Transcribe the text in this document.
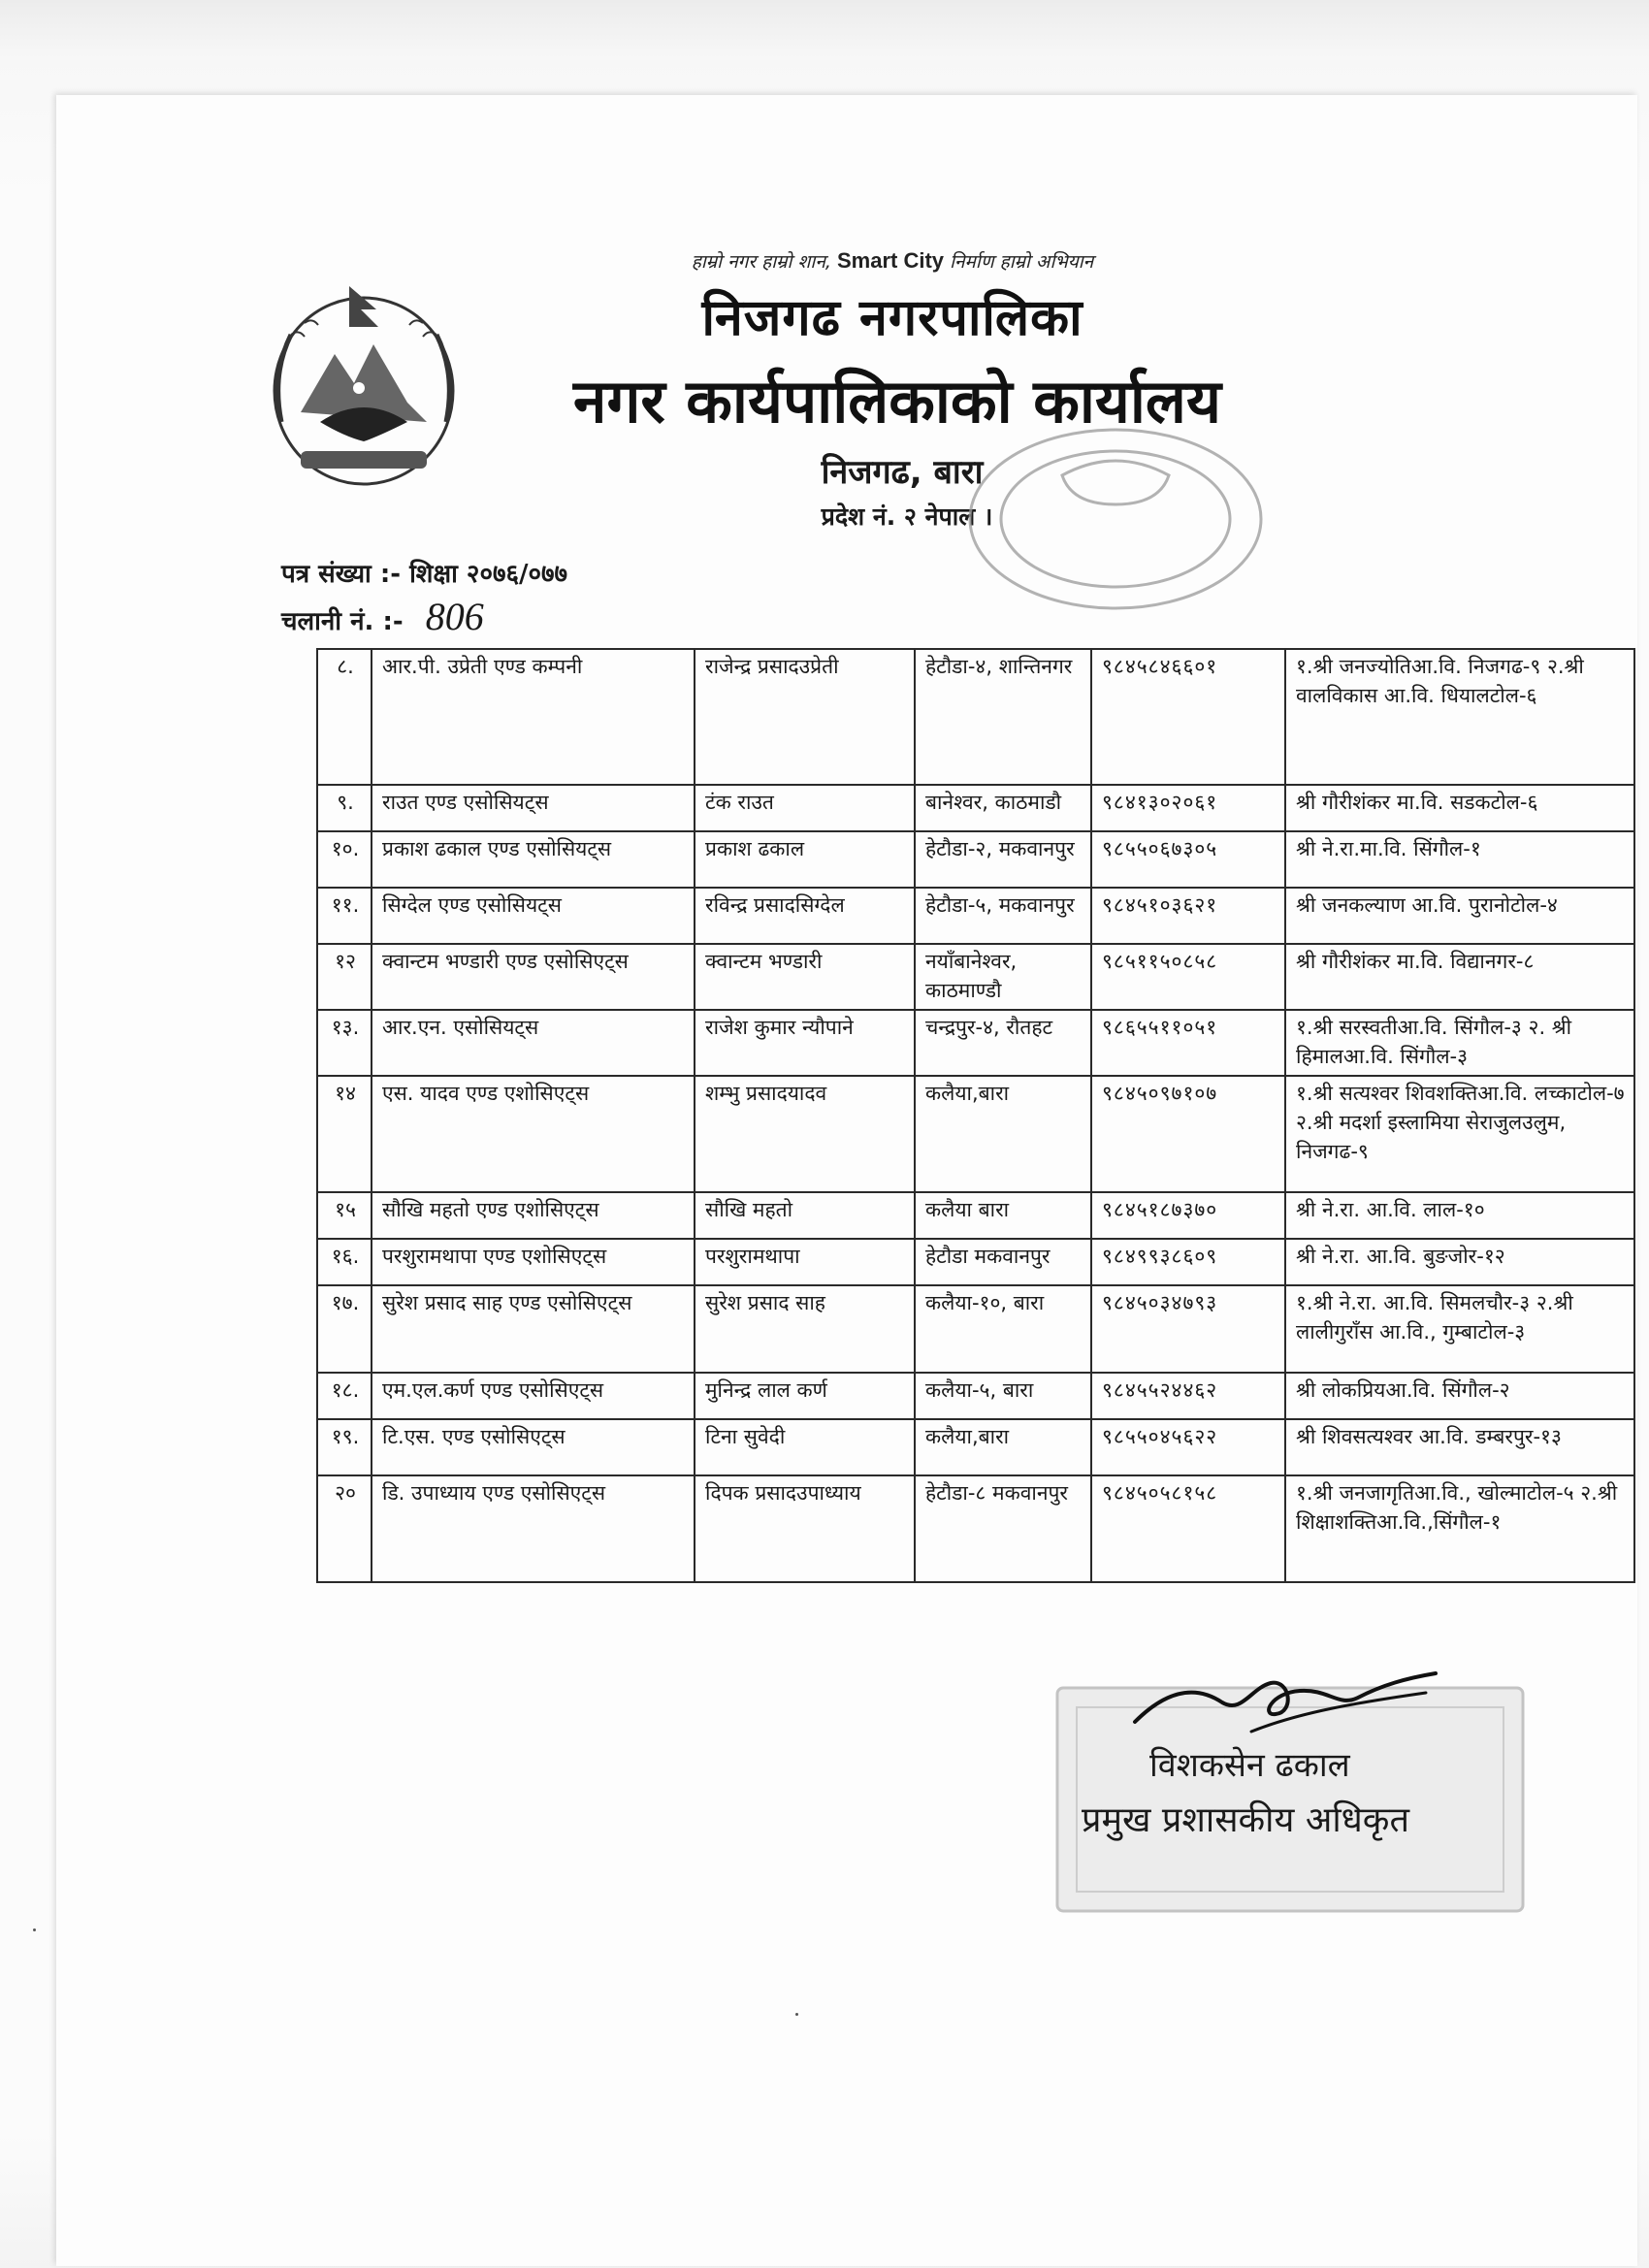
हाम्रो नगर हाम्रो शान, Smart City निर्माण हाम्रो अभियान
निजगढ नगरपालिका
नगर कार्यपालिकाको कार्यालय
निजगढ, बारा
प्रदेश नं. २ नेपाल ।
पत्र संख्या :- शिक्षा २०७६/०७७
चलानी नं. :- 806
८.	आर.पी. उप्रेती एण्ड कम्पनी	राजेन्द्र प्रसादउप्रेती	हेटौडा-४, शान्तिनगर	९८४५८४६६०१	१.श्री जनज्योतिआ.वि. निजगढ-९ २.श्री वालविकास आ.वि. धियालटोल-६
९.	राउत एण्ड एसोसियट्स	टंक राउत	बानेश्वर, काठमाडौ	९८४१३०२०६१	श्री गौरीशंकर मा.वि. सडकटोल-६
१०.	प्रकाश ढकाल एण्ड एसोसियट्स	प्रकाश ढकाल	हेटौडा-२, मकवानपुर	९८५५०६७३०५	श्री ने.रा.मा.वि. सिंगौल-१
११.	सिग्देल एण्ड एसोसियट्स	रविन्द्र प्रसादसिग्देल	हेटौडा-५, मकवानपुर	९८४५१०३६२१	श्री जनकल्याण आ.वि. पुरानोटोल-४
१२	क्वान्टम भण्डारी एण्ड एसोसिएट्स	क्वान्टम भण्डारी	नयाँबानेश्वर, काठमाण्डौ	९८५११५०८५८	श्री गौरीशंकर मा.वि. विद्यानगर-८
१३.	आर.एन. एसोसियट्स	राजेश कुमार न्यौपाने	चन्द्रपुर-४, रौतहट	९८६५५११०५१	१.श्री सरस्वतीआ.वि. सिंगौल-३ २. श्री हिमालआ.वि. सिंगौल-३
१४	एस. यादव एण्ड एशोसिएट्स	शम्भु प्रसादयादव	कलैया,बारा	९८४५०९७१०७	१.श्री सत्यश्वर शिवशक्तिआ.वि. लच्काटोल-७ २.श्री मदर्शा इस्लामिया सेराजुलउलुम, निजगढ-९
१५	सौखि महतो एण्ड एशोसिएट्स	सौखि महतो	कलैया बारा	९८४५१८७३७०	श्री ने.रा. आ.वि. लाल-१०
१६.	परशुरामथापा एण्ड एशोसिएट्स	परशुरामथापा	हेटौडा मकवानपुर	९८४९९३८६०९	श्री ने.रा. आ.वि. बुङजोर-१२
१७.	सुरेश प्रसाद साह एण्ड एसोसिएट्स	सुरेश प्रसाद साह	कलैया-१०, बारा	९८४५०३४७९३	१.श्री ने.रा. आ.वि. सिमलचौर-३ २.श्री लालीगुराँस आ.वि., गुम्बाटोल-३
१८.	एम.एल.कर्ण एण्ड एसोसिएट्स	मुनिन्द्र लाल कर्ण	कलैया-५, बारा	९८४५५२४४६२	श्री लोकप्रियआ.वि. सिंगौल-२
१९.	टि.एस. एण्ड एसोसिएट्स	टिना सुवेदी	कलैया,बारा	९८५५०४५६२२	श्री शिवसत्यश्वर आ.वि. डम्बरपुर-१३
२०	डि. उपाध्याय एण्ड एसोसिएट्स	दिपक प्रसादउपाध्याय	हेटौडा-८ मकवानपुर	९८४५०५८१५८	१.श्री जनजागृतिआ.वि., खोल्माटोल-५ २.श्री शिक्षाशक्तिआ.वि.,सिंगौल-१
विशकसेन ढकाल
प्रमुख प्रशासकीय अधिकृत
